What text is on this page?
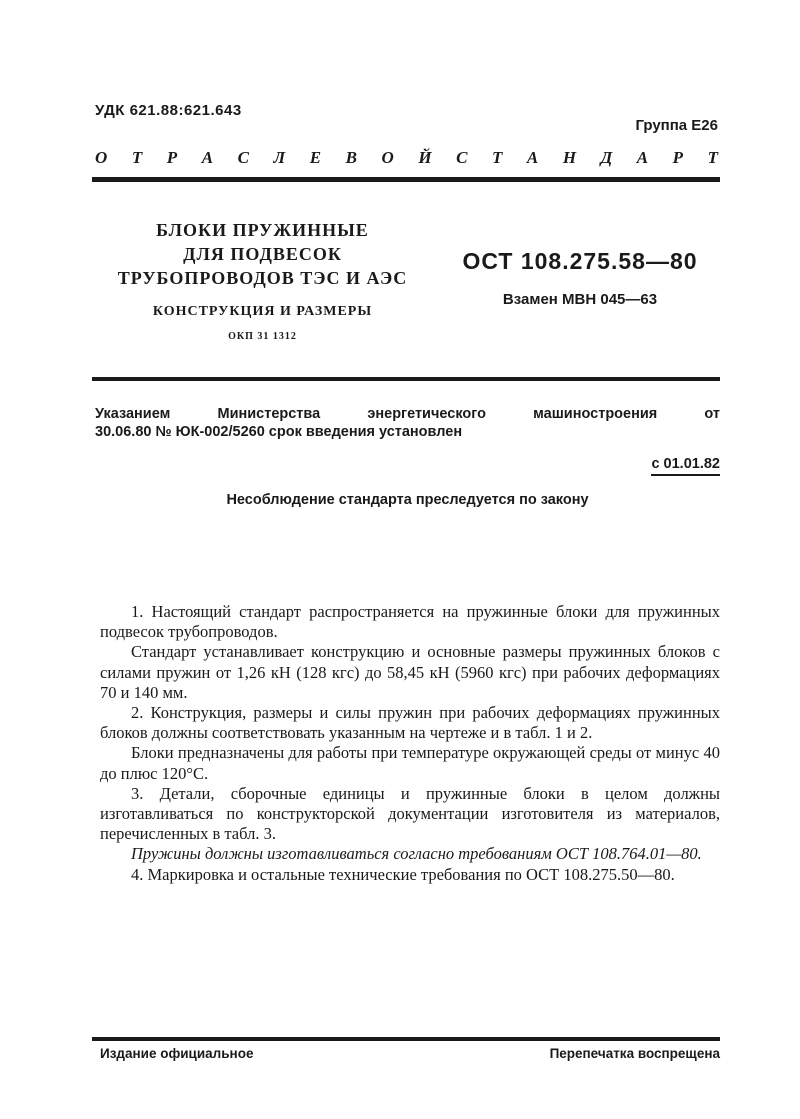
УДК 621.88:621.643
Группа Е26
О Т Р А С Л Е В О Й С Т А Н Д А Р Т
БЛОКИ ПРУЖИННЫЕ
ДЛЯ ПОДВЕСОК
ТРУБОПРОВОДОВ ТЭС И АЭС
КОНСТРУКЦИЯ И РАЗМЕРЫ
ОКП 31 1312
ОСТ 108.275.58—80
Взамен МВН 045—63
Указанием	Министерства	энергетического	машиностроения	от
30.06.80 № ЮК-002/5260 срок введения установлен
с 01.01.82
Несоблюдение стандарта преследуется по закону

1. Настоящий стандарт распространяется на пружинные блоки для пружинных подвесок трубопроводов.

Стандарт устанавливает конструкцию и основные размеры пружинных блоков с силами пружин от 1,26 кН (128 кгс) до 58,45 кН (5960 кгс) при рабочих деформациях 70 и 140 мм.

2. Конструкция, размеры и силы пружин при рабочих деформациях пружинных блоков должны соответствовать указанным на чертеже и в табл. 1 и 2.

Блоки предназначены для работы при температуре окружающей среды от минус 40 до плюс 120°С.

3. Детали, сборочные единицы и пружинные блоки в целом должны изготавливаться по конструкторской документации изготовителя из материалов, перечисленных в табл. 3.

Пружины должны изготавливаться согласно требованиям ОСТ 108.764.01—80.

4. Маркировка и остальные технические требования по ОСТ 108.275.50—80.

Издание официальное	Перепечатка воспрещена
